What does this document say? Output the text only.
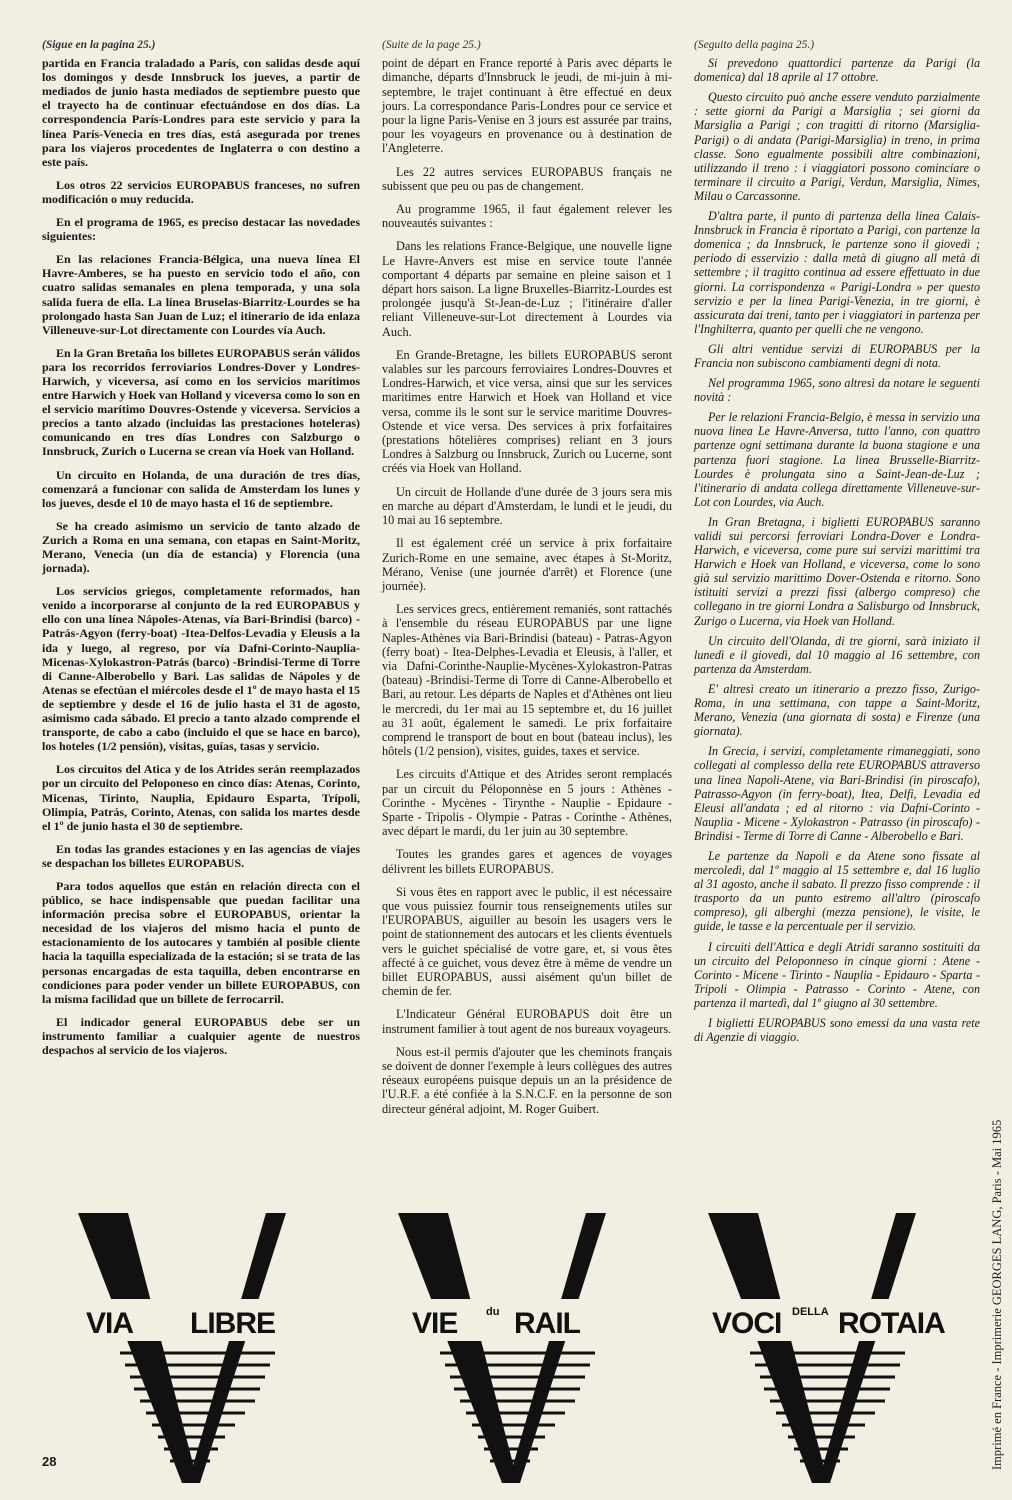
(Sigue en la pagina 25.)

partida en Francia traladado a París, con salidas desde aquí los domingos y desde Innsbruck los jueves, a partir de mediados de junio hasta mediados de septiembre puesto que el trayecto ha de continuar efectuándose en dos días. La correspondencia París-Londres para este servicio y para la línea París-Venecia en tres días, está asegurada por trenes para los viajeros procedentes de Inglaterra o con destino a este país.

Los otros 22 servicios EUROPABUS franceses, no sufren modificación o muy reducida.

En el programa de 1965, es preciso destacar las novedades siguientes:

En las relaciones Francia-Bélgica, una nueva línea El Havre-Amberes, se ha puesto en servicio todo el año, con cuatro salidas semanales en plena temporada, y una sola salida fuera de ella. La línea Bruselas-Biarritz-Lourdes se ha prolongado hasta San Juan de Luz; el itinerario de ida enlaza Villeneuve-sur-Lot directamente con Lourdes vía Auch.

En la Gran Bretaña los billetes EUROPABUS serán válidos para los recorridos ferroviarios Londres-Dover y Londres-Harwich, y viceversa, así como en los servicios marítimos entre Harwich y Hoek van Holland y viceversa como lo son en el servicio marítimo Douvres-Ostende y viceversa. Servicios a precios a tanto alzado (incluidas las prestaciones hoteleras) comunicando en tres días Londres con Salzburgo o Innsbruck, Zurich o Lucerna se crean vía Hoek van Holland.

Un circuito en Holanda, de una duración de tres días, comenzará a funcionar con salida de Amsterdam los lunes y los jueves, desde el 10 de mayo hasta el 16 de septiembre.

Se ha creado asimismo un servicio de tanto alzado de Zurich a Roma en una semana, con etapas en Saint-Moritz, Merano, Venecia (un día de estancia) y Florencia (una jornada).

Los servicios griegos, completamente reformados, han venido a incorporarse al conjunto de la red EUROPABUS y ello con una línea Nápoles-Atenas, vía Bari-Brindisi (barco) -Patrás-Agyon (ferry-boat) -Itea-Delfos-Levadia y Eleusis a la ida y luego, al regreso, por vía Dafni-Corinto-Nauplia-Micenas-Xylokastron-Patrás (barco) -Brindisi-Terme di Torre di Canne-Alberobello y Bari. Las salidas de Nápoles y de Atenas se efectúan el miércoles desde el 1º de mayo hasta el 15 de septiembre y desde el 16 de julio hasta el 31 de agosto, asimismo cada sábado. El precio a tanto alzado comprende el transporte, de cabo a cabo (incluido el que se hace en barco), los hoteles (1/2 pensión), visitas, guías, tasas y servicio.

Los circuitos del Atica y de los Atrides serán reemplazados por un circuito del Peloponeso en cinco días: Atenas, Corinto, Micenas, Tirinto, Nauplia, Epidauro Esparta, Trípoli, Olimpia, Patrás, Corinto, Atenas, con salida los martes desde el 1º de junio hasta el 30 de septiembre.

En todas las grandes estaciones y en las agencias de viajes se despachan los billetes EUROPABUS.

Para todos aquellos que están en relación directa con el público, se hace indispensable que puedan facilitar una información precisa sobre el EUROPABUS, orientar la necesidad de los viajeros del mismo hacia el punto de estacionamiento de los autocares y también al posible cliente hacia la taquilla especializada de la estación; si se trata de las personas encargadas de esta taquilla, deben encontrarse en condiciones para poder vender un billete EUROPABUS, con la misma facilidad que un billete de ferrocarril.

El indicador general EUROPABUS debe ser un instrumento familiar a cualquier agente de nuestros despachos al servicio de los viajeros.

(Suite de la page 25.)

point de départ en France reporté à Paris avec départs le dimanche, départs d'Innsbruck le jeudi, de mi-juin à mi-septembre, le trajet continuant à être effectué en deux jours. La correspondance Paris-Londres pour ce service et pour la ligne Paris-Venise en 3 jours est assurée par trains, pour les voyageurs en provenance ou à destination de l'Angleterre.

Les 22 autres services EUROPABUS français ne subissent que peu ou pas de changement.

Au programme 1965, il faut également relever les nouveautés suivantes :

Dans les relations France-Belgique, une nouvelle ligne Le Havre-Anvers est mise en service toute l'année comportant 4 départs par semaine en pleine saison et 1 départ hors saison. La ligne Bruxelles-Biarritz-Lourdes est prolongée jusqu'à St-Jean-de-Luz ; l'itinéraire d'aller reliant Villeneuve-sur-Lot directement à Lourdes via Auch.

En Grande-Bretagne, les billets EUROPABUS seront valables sur les parcours ferroviaires Londres-Douvres et Londres-Harwich, et vice versa, ainsi que sur les services maritimes entre Harwich et Hoek van Holland et vice versa, comme ils le sont sur le service maritime Douvres-Ostende et vice versa. Des services à prix forfaitaires (prestations hôtelières comprises) reliant en 3 jours Londres à Salzburg ou Innsbruck, Zurich ou Lucerne, sont créés via Hoek van Holland.

Un circuit de Hollande d'une durée de 3 jours sera mis en marche au départ d'Amsterdam, le lundi et le jeudi, du 10 mai au 16 septembre.

Il est également créé un service à prix forfaitaire Zurich-Rome en une semaine, avec étapes à St-Moritz, Mérano, Venise (une journée d'arrêt) et Florence (une journée).

Les services grecs, entièrement remaniés, sont rattachés à l'ensemble du réseau EUROPABUS par une ligne Naples-Athènes via Bari-Brindisi (bateau) - Patras-Agyon (ferry boat) - Itea-Delphes-Levadia et Eleusis, à l'aller, et via Dafni-Corinthe-Nauplie-Mycènes-Xylokastron-Patras (bateau) -Brindisi-Terme di Torre di Canne-Alberobello et Bari, au retour. Les départs de Naples et d'Athènes ont lieu le mercredi, du 1er mai au 15 septembre et, du 16 juillet au 31 août, également le samedi. Le prix forfaitaire comprend le transport de bout en bout (bateau inclus), les hôtels (1/2 pension), visites, guides, taxes et service.

Les circuits d'Attique et des Atrides seront remplacés par un circuit du Péloponnèse en 5 jours : Athènes - Corinthe - Mycènes - Tirynthe - Nauplie - Epidaure - Sparte - Tripolis - Olympie - Patras - Corinthe - Athènes, avec départ le mardi, du 1er juin au 30 septembre.

Toutes les grandes gares et agences de voyages délivrent les billets EUROPABUS.

Si vous êtes en rapport avec le public, il est nécessaire que vous puissiez fournir tous renseignements utiles sur l'EUROPABUS, aiguiller au besoin les usagers vers le point de stationnement des autocars et les clients éventuels vers le guichet spécialisé de votre gare, et, si vous êtes affecté à ce guichet, vous devez être à même de vendre un billet EUROPABUS, aussi aisément qu'un billet de chemin de fer.

L'Indicateur Général EUROBAPUS doit être un instrument familier à tout agent de nos bureaux voyageurs.

Nous est-il permis d'ajouter que les cheminots français se doivent de donner l'exemple à leurs collègues des autres réseaux européens puisque depuis un an la présidence de l'U.R.F. a été confiée à la S.N.C.F. en la personne de son directeur général adjoint, M. Roger Guibert.

(Seguito della pagina 25.)

Si prevedono quattordici partenze da Parigi (la domenica) dal 18 aprile al 17 ottobre.

Questo circuito può anche essere venduto parzialmente : sette giorni da Parigi a Marsiglia ; sei giorni da Marsiglia a Parigi ; con tragitti di ritorno (Marsiglia-Parigi) o di andata (Parigi-Marsiglia) in treno, in prima classe. Sono egualmente possibili altre combinazioni, utilizzando il treno : i viaggiatori possono cominciare o terminare il circuito a Parigi, Verdun, Marsiglia, Nimes, Milau o Carcassonne.

D'altra parte, il punto di partenza della linea Calais-Innsbruck in Francia è riportato a Parigi, con partenze la domenica ; da Innsbruck, le partenze sono il giovedì ; periodo di esservizio : dalla metà di giugno all metà di settembre ; il tragitto continua ad essere effettuato in due giorni. La corrispondenza « Parigi-Londra » per questo servizio e per la linea Parigi-Venezia, in tre giorni, è assicurata dai treni, tanto per i viaggiatori in partenza per l'Inghilterra, quanto per quelli che ne vengono.

Gli altri ventidue servizi di EUROPABUS per la Francia non subiscono cambiamenti degni di nota.

Nel programma 1965, sono altresì da notare le seguenti novità :

Per le relazioni Francia-Belgio, è messa in servizio una nuova linea Le Havre-Anversa, tutto l'anno, con quattro partenze ogni settimana durante la buona stagione e una partenza fuori stagione. La linea Brusselle-Biarritz-Lourdes è prolungata sino a Saint-Jean-de-Luz ; l'itinerario di andata collega direttamente Villeneuve-sur-Lot con Lourdes, via Auch.

In Gran Bretagna, i biglietti EUROPABUS saranno validi sui percorsi ferroviari Londra-Dover e Londra-Harwich, e viceversa, come pure sui servizi marittimi tra Harwich e Hoek van Holland, e viceversa, come lo sono già sul servizio marittimo Dover-Ostenda e ritorno. Sono istituiti servizi a prezzi fissi (albergo compreso) che collegano in tre giorni Londra a Salisburgo od Innsbruck, Zurigo o Lucerna, via Hoek van Holland.

Un circuito dell'Olanda, di tre giorni, sarà iniziato il lunedì e il giovedì, dal 10 maggio al 16 settembre, con partenza da Amsterdam.

E' altresì creato un itinerario a prezzo fisso, Zurigo-Roma, in una settimana, con tappe a Saint-Moritz, Merano, Venezia (una giornata di sosta) e Firenze (una giornata).

In Grecia, i servizi, completamente rimaneggiati, sono collegati al complesso della rete EUROPABUS attraverso una linea Napoli-Atene, via Bari-Brindisi (in piroscafo), Patrasso-Agyon (in ferry-boat), Itea, Delfi, Levadia ed Eleusi all'andata ; ed al ritorno : via Dafni-Corinto - Nauplia - Micene - Xylokastron - Patrasso (in piroscafo) - Brindisi - Terme di Torre di Canne - Alberobello e Bari.

Le partenze da Napoli e da Atene sono fissate al mercoledì, dal 1º maggio al 15 settembre e, dal 16 luglio al 31 agosto, anche il sabato. Il prezzo fisso comprende : il trasporto da un punto estremo all'altro (piroscafo compreso), gli alberghi (mezza pensione), le visite, le guide, le tasse e la percentuale per il servizio.

I circuiti dell'Attica e degli Atridi saranno sostituiti da un circuito del Peloponneso in cinque giorni : Atene - Corinto - Micene - Tirinto - Nauplia - Epidauro - Sparta - Tripoli - Olimpia - Patrasso - Corinto - Atene, con partenza il martedì, dal 1º giugno al 30 settembre.

I biglietti EUROPABUS sono emessi da una vasta rete di Agenzie di viaggio.

VIA LIBRE	VIE	du RAIL	VOCI DELLA ROTAIA
28	Imprimé en France - Imprimerie GEORGES LANG, Paris - Mai 1965
